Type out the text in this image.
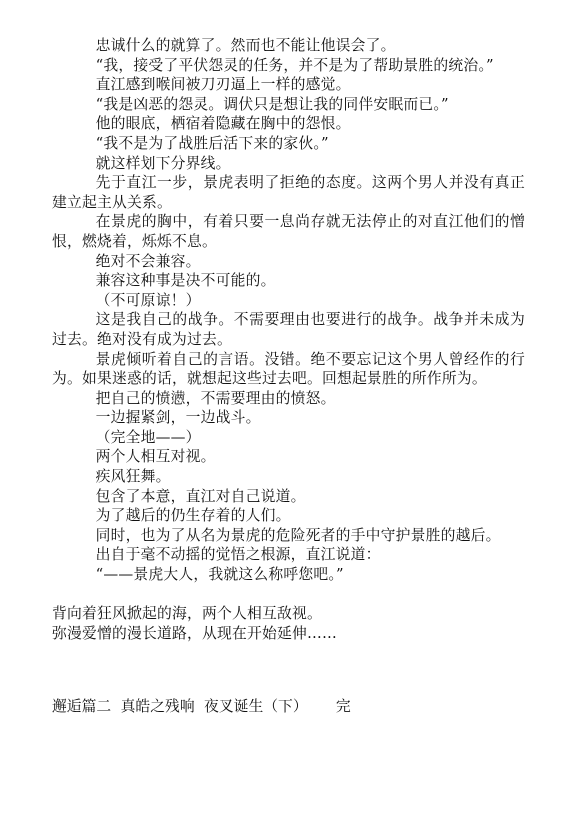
忠诚什么的就算了。然而也不能让他误会了。

“我，接受了平伏怨灵的任务，并不是为了帮助景胜的统治。”

直江感到喉间被刀刃逼上一样的感觉。

“我是凶恶的怨灵。调伏只是想让我的同伴安眠而已。”

他的眼底，栖宿着隐藏在胸中的怨恨。

“我不是为了战胜后活下来的家伙。”

就这样划下分界线。

先于直江一步，景虎表明了拒绝的态度。这两个男人并没有真正建立起主从关系。

在景虎的胸中，有着只要一息尚存就无法停止的对直江他们的憎恨，燃烧着，烁烁不息。

绝对不会兼容。

兼容这种事是决不可能的。

（不可原谅！）

这是我自己的战争。不需要理由也要进行的战争。战争并未成为过去。绝对没有成为过去。

景虎倾听着自己的言语。没错。绝不要忘记这个男人曾经作的行为。如果迷惑的话，就想起这些过去吧。回想起景胜的所作所为。

把自己的愤懑，不需要理由的愤怒。

一边握紧剑，一边战斗。

（完全地——）

两个人相互对视。

疾风狂舞。

包含了本意，直江对自己说道。

为了越后的仍生存着的人们。

同时，也为了从名为景虎的危险死者的手中守护景胜的越后。

出自于毫不动摇的觉悟之根源，直江说道：

“——景虎大人，我就这么称呼您吧。”

背向着狂风掀起的海，两个人相互敌视。

弥漫爱憎的漫长道路，从现在开始延伸……

邂逅篇二 真皓之残响 夜叉诞生（下） 完
